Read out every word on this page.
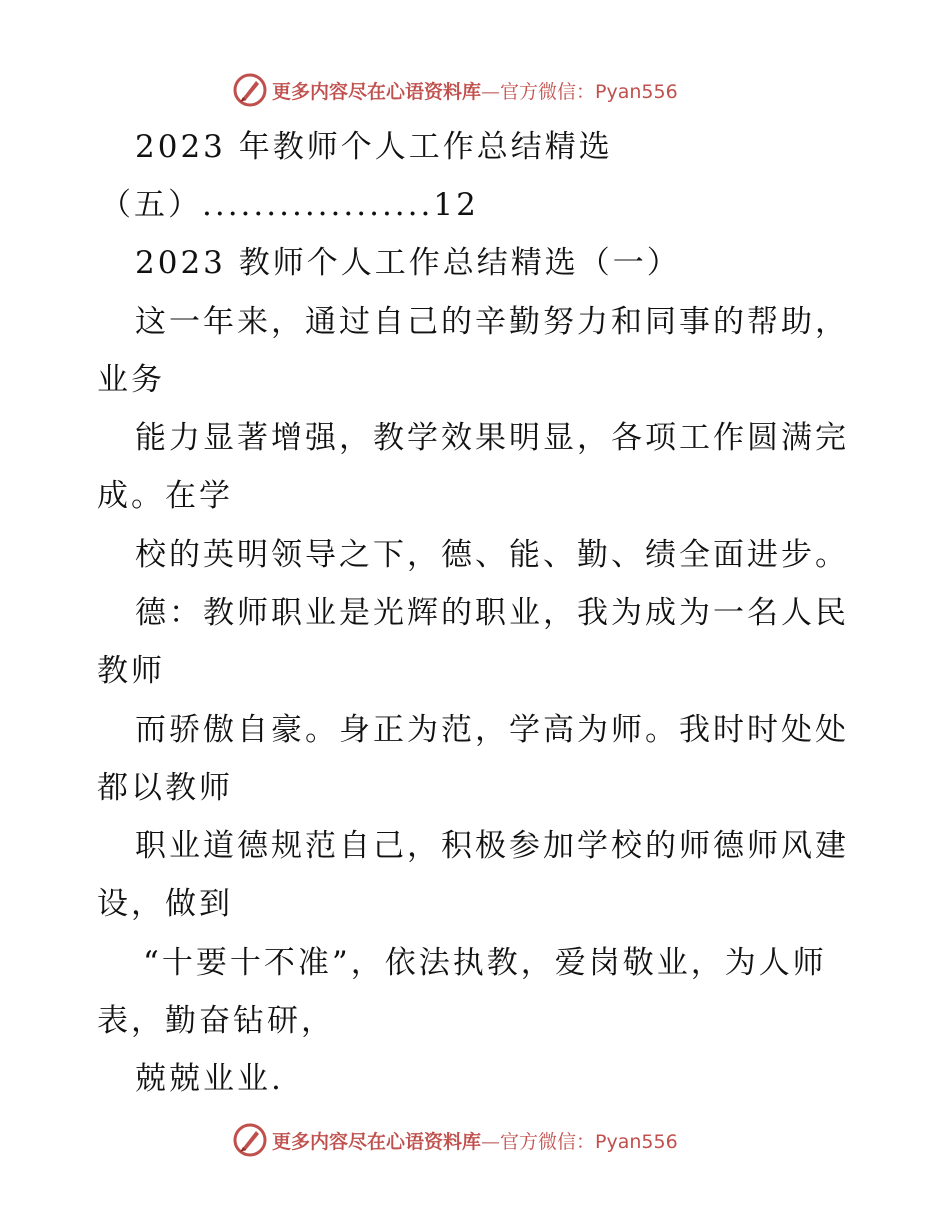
更多内容尽在心语资料库—官方微信：Pyan556
2023 年教师个人工作总结精选
（五）..................12
2023 教师个人工作总结精选（一）
这一年来，通过自己的辛勤努力和同事的帮助，
业务
能力显著增强，教学效果明显，各项工作圆满完
成。在学
校的英明领导之下，德、能、勤、绩全面进步。
德：教师职业是光辉的职业，我为成为一名人民
教师
而骄傲自豪。身正为范，学高为师。我时时处处
都以教师
职业道德规范自己，积极参加学校的师德师风建
设，做到
“十要十不准”，依法执教，爱岗敬业，为人师
表，勤奋钻研，
兢兢业业.
更多内容尽在心语资料库—官方微信：Pyan556
